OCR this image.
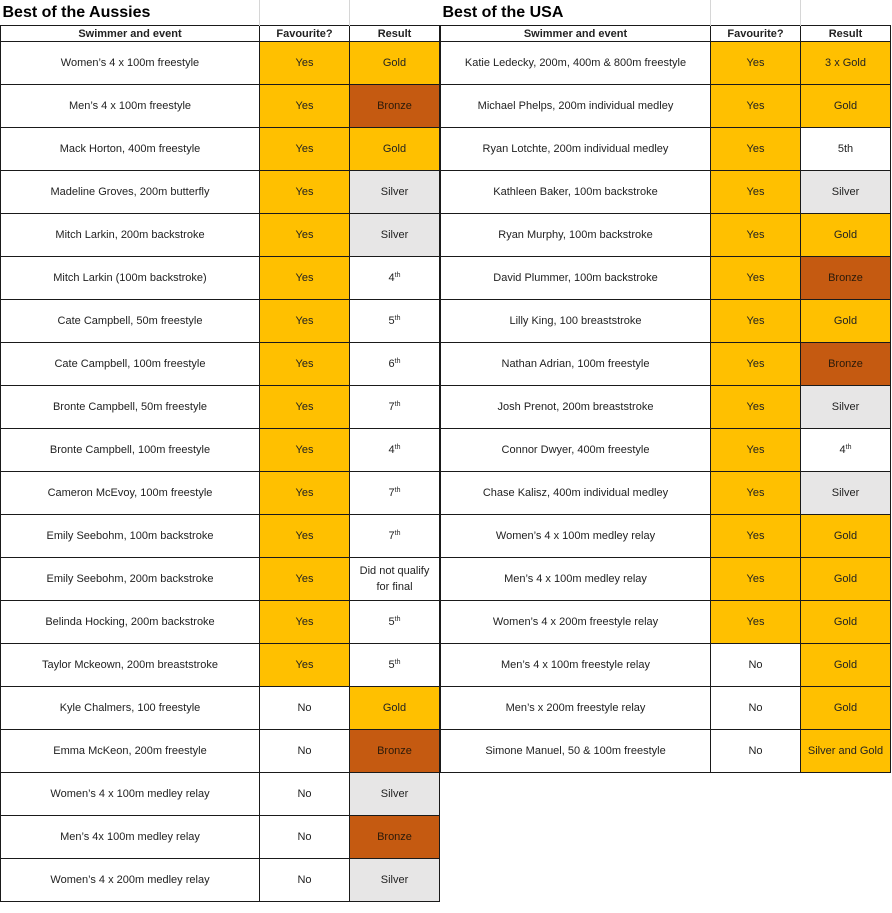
Best of the Aussies		
Swimmer and event	Favourite?	Result
Women’s 4 x 100m freestyle	Yes	Gold
Men’s 4 x 100m freestyle	Yes	Bronze
Mack Horton, 400m freestyle	Yes	Gold
Madeline Groves, 200m butterfly	Yes	Silver
Mitch Larkin, 200m backstroke	Yes	Silver
Mitch Larkin (100m backstroke)	Yes	4th
Cate Campbell, 50m freestyle	Yes	5th
Cate Campbell, 100m freestyle	Yes	6th
Bronte Campbell, 50m freestyle	Yes	7th
Bronte Campbell, 100m freestyle	Yes	4th
Cameron McEvoy, 100m freestyle	Yes	7th
Emily Seebohm, 100m backstroke	Yes	7th
Emily Seebohm, 200m backstroke	Yes	Did not qualify for final
Belinda Hocking, 200m backstroke	Yes	5th
Taylor Mckeown, 200m breaststroke	Yes	5th
Kyle Chalmers, 100 freestyle	No	Gold
Emma McKeon, 200m freestyle	No	Bronze
Women’s 4 x 100m medley relay	No	Silver
Men’s 4x 100m medley relay	No	Bronze
Women’s 4 x 200m medley relay	No	Silver
Best of the USA		
Swimmer and event	Favourite?	Result
Katie Ledecky, 200m, 400m & 800m freestyle	Yes	3 x Gold
Michael Phelps, 200m individual medley	Yes	Gold
Ryan Lotchte, 200m individual medley	Yes	5th
Kathleen Baker, 100m backstroke	Yes	Silver
Ryan Murphy, 100m backstroke	Yes	Gold
David Plummer, 100m backstroke	Yes	Bronze
Lilly King, 100 breaststroke	Yes	Gold
Nathan Adrian, 100m freestyle	Yes	Bronze
Josh Prenot, 200m breaststroke	Yes	Silver
Connor Dwyer, 400m freestyle	Yes	4th
Chase Kalisz, 400m individual medley	Yes	Silver
Women’s 4 x 100m medley relay	Yes	Gold
Men’s 4 x 100m medley relay	Yes	Gold
Women’s 4 x 200m freestyle relay	Yes	Gold
Men’s 4 x 100m freestyle relay	No	Gold
Men’s x 200m freestyle relay	No	Gold
Simone Manuel, 50 & 100m freestyle	No	Silver and Gold
